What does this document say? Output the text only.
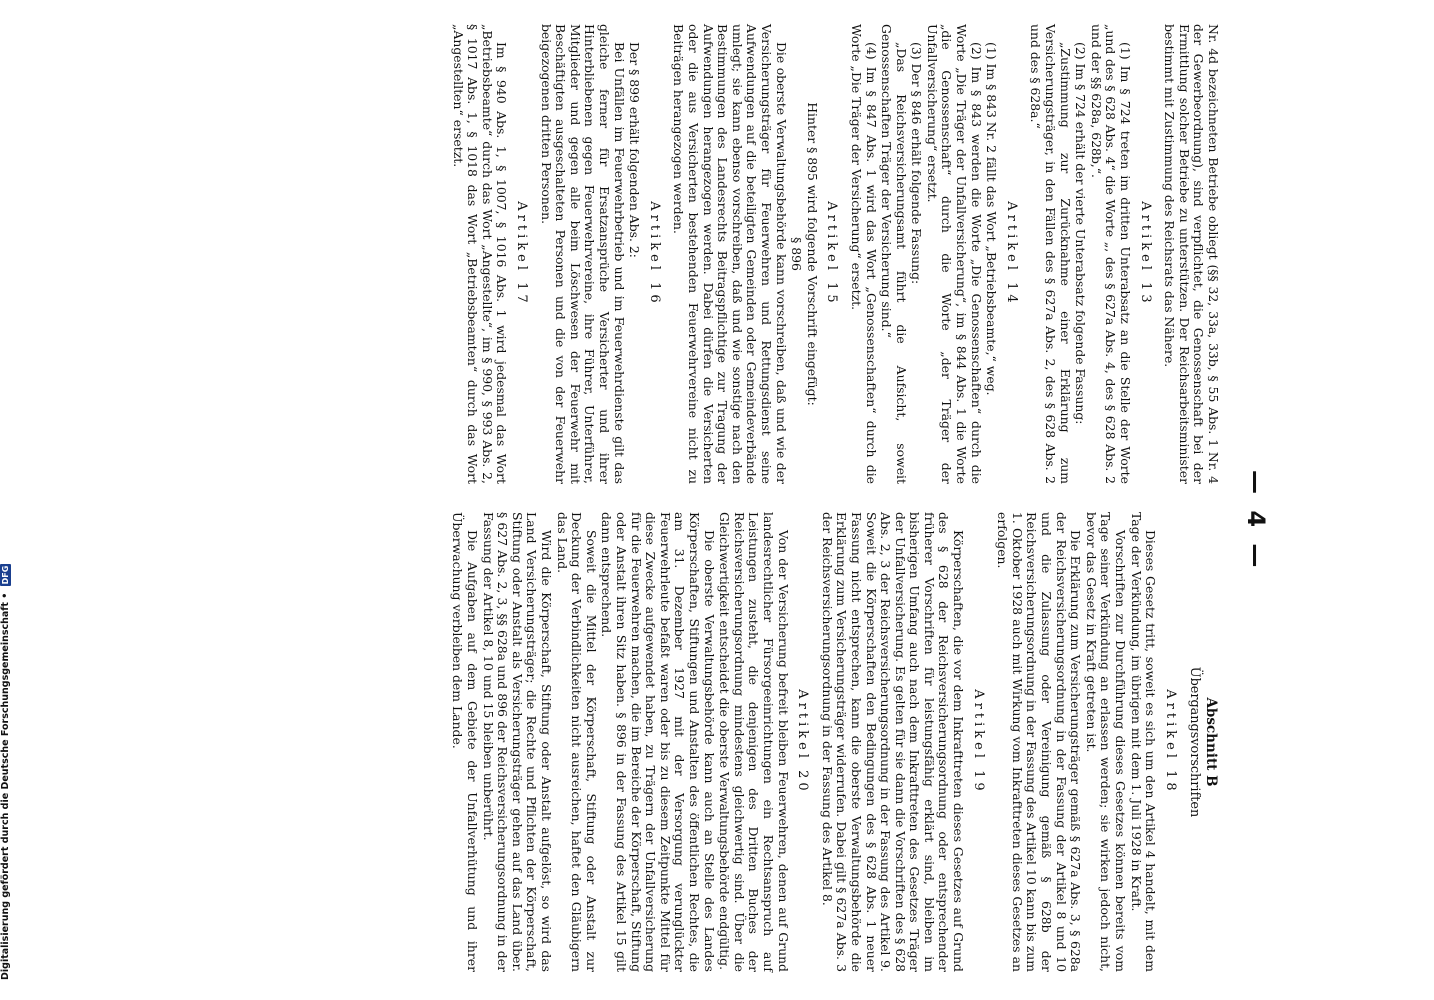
— 4 —

Nr. 4d bezeichneten Betriebe obliegt (§§ 32, 33a, 33b, § 55 Abs. 1 Nr. 4 der Gewerbeordnung), sind verpflichtet, die Genossenschaft bei der Ermittlung solcher Betriebe zu unterstützen. Der Reichsarbeitsminister bestimmt mit Zustimmung des Reichsrats das Nähere.

Artikel 13

(1) Im § 724 treten im dritten Unterabsatz an die Stelle der Worte „und des § 628 Abs. 4“ die Worte „, des § 627a Abs. 4, des § 628 Abs. 2 und der §§ 628a, 628b,“.

(2) Im § 724 erhält der vierte Unterabsatz folgende Fassung:

„Zustimmung zur Zurücknahme einer Erklärung zum Versicherungsträger, in den Fällen des § 627a Abs. 2, des § 628 Abs. 2 und des § 628a.“

Artikel 14

(1) Im § 843 Nr. 2 fällt das Wort „Betriebsbeamte,“ weg.

(2) Im § 843 werden die Worte „Die Genossenschaften“ durch die Worte „Die Träger der Unfallversicherung“, im § 844 Abs. 1 die Worte „die Genossenschaft“ durch die Worte „der Träger der Unfallversicherung“ ersetzt.

(3) Der § 846 erhält folgende Fassung:

„Das Reichsversicherungsamt führt die Aufsicht, soweit Genossenschaften Träger der Versicherung sind.“

(4) Im § 847 Abs. 1 wird das Wort „Genossenschaften“ durch die Worte „Die Träger der Versicherung“ ersetzt.

Artikel 15

Hinter § 895 wird folgende Vorschrift eingefügt:

§ 896

Die oberste Verwaltungsbehörde kann vorschreiben, daß und wie der Versicherungsträger für Feuerwehren und Rettungsdienst seine Aufwendungen auf die beteiligten Gemeinden oder Gemeindeverbände umlegt; sie kann ebenso vorschreiben, daß und wie sonstige nach den Bestimmungen des Landesrechts Beitragspflichtige zur Tragung der Aufwendungen herangezogen werden. Dabei dürfen die Versicherten oder die aus Versicherten bestehenden Feuerwehrvereine nicht zu Beiträgen herangezogen werden.

Artikel 16

Der § 899 erhält folgenden Abs. 2:

Bei Unfällen im Feuerwehrbetrieb und im Feuerwehrdienste gilt das gleiche ferner für Ersatzansprüche Versicherter und ihrer Hinterbliebenen gegen Feuerwehrvereine, ihre Führer, Unterführer, Mitglieder und gegen alle beim Löschwesen der Feuerwehr mit Beschäftigten ausgeschalteten Personen und die von der Feuerwehr beigezogenen dritten Personen.

Artikel 17

Im § 940 Abs. 1, § 1007, § 1016 Abs. 1 wird jedesmal das Wort „Betriebsbeamte“ durch das Wort „Angestellte“, im § 990, § 993 Abs. 2, § 1017 Abs. 1, § 1018 das Wort „Betriebsbeamten“ durch das Wort „Angestellten“ ersetzt.

Abschnitt B
Übergangsvorschriften
Artikel 18

Dieses Gesetz tritt, soweit es sich um den Artikel 4 handelt, mit dem Tage der Verkündung, im übrigen mit dem 1. Juli 1928 in Kraft.

Vorschriften zur Durchführung dieses Gesetzes können bereits vom Tage seiner Verkündung an erlassen werden; sie wirken jedoch nicht, bevor das Gesetz in Kraft getreten ist.

Die Erklärung zum Versicherungsträger gemäß § 627a Abs. 3, § 628a der Reichsversicherungsordnung in der Fassung der Artikel 8 und 10 und die Zulassung oder Vereinigung gemäß § 628b der Reichsversicherungsordnung in der Fassung des Artikel 10 kann bis zum 1. Oktober 1928 auch mit Wirkung vom Inkrafttreten dieses Gesetzes an erfolgen.

Artikel 19

Körperschaften, die vor dem Inkrafttreten dieses Gesetzes auf Grund des § 628 der Reichsversicherungsordnung oder entsprechender früherer Vorschriften für leistungsfähig erklärt sind, bleiben im bisherigen Umfang auch nach dem Inkrafttreten des Gesetzes Träger der Unfallversicherung. Es gelten für sie dann die Vorschriften des § 628 Abs. 2, 3 der Reichsversicherungsordnung in der Fassung des Artikel 9. Soweit die Körperschaften den Bedingungen des § 628 Abs. 1 neuer Fassung nicht entsprechen, kann die oberste Verwaltungsbehörde die Erklärung zum Versicherungsträger widerrufen. Dabei gilt § 627a Abs. 3 der Reichsversicherungsordnung in der Fassung des Artikel 8.

Artikel 20

Von der Versicherung befreit bleiben Feuerwehren, denen auf Grund landesrechtlicher Fürsorgeeinrichtungen ein Rechtsanspruch auf Leistungen zusteht, die denjenigen des Dritten Buches der Reichsversicherungsordnung mindestens gleichwertig sind. Über die Gleichwertigkeit entscheidet die oberste Verwaltungsbehörde endgültig.

Die oberste Verwaltungsbehörde kann auch an Stelle des Landes Körperschaften, Stiftungen und Anstalten des öffentlichen Rechtes, die am 31. Dezember 1927 mit der Versorgung verunglückter Feuerwehrleute befaßt waren oder bis zu diesem Zeitpunkte Mittel für diese Zwecke aufgewendet haben, zu Trägern der Unfallversicherung für die Feuerwehren machen, die im Bereiche der Körperschaft, Stiftung oder Anstalt ihren Sitz haben. § 896 in der Fassung des Artikel 15 gilt dann entsprechend.

Soweit die Mittel der Körperschaft, Stiftung oder Anstalt zur Deckung der Verbindlichkeiten nicht ausreichen, haftet den Gläubigern das Land.

Wird die Körperschaft, Stiftung oder Anstalt aufgelöst, so wird das Land Versicherungsträger; die Rechte und Pflichten der Körperschaft, Stiftung oder Anstalt als Versicherungsträger gehen auf das Land über. § 627 Abs. 2, 3, §§ 628a und 896 der Reichsversicherungsordnung in der Fassung der Artikel 8, 10 und 15 bleiben unberührt.

Die Aufgaben auf dem Gebiete der Unfallverhütung und ihrer Überwachung verbleiben dem Lande.

Digitalisierung gefördert durch die Deutsche Forschungsgemeinschaft • DFG
